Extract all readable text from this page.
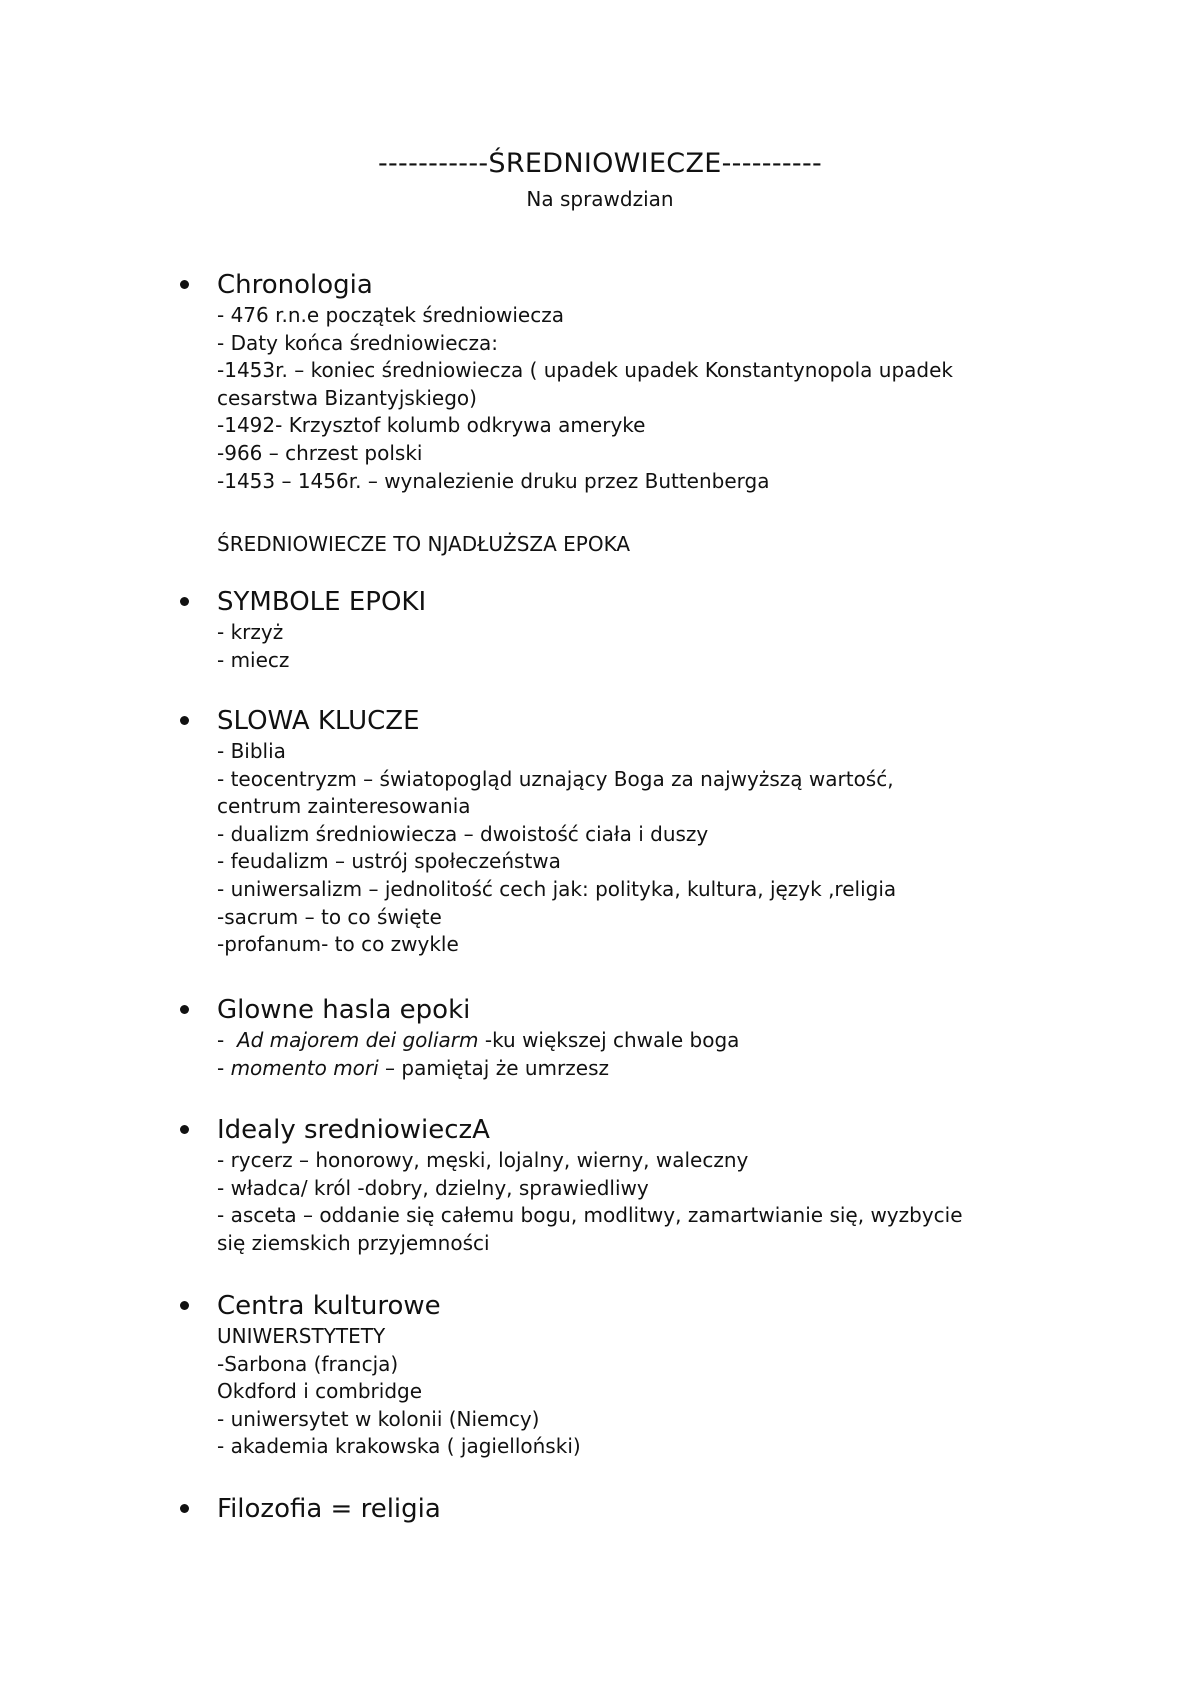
-----------ŚREDNIOWIECZE----------
Na sprawdzian
Chronologia
- 476 r.n.e początek średniowiecza
- Daty końca średniowiecza:
-1453r. – koniec średniowiecza ( upadek upadek Konstantynopola upadek
cesarstwa Bizantyjskiego)
-1492- Krzysztof kolumb odkrywa ameryke
-966 – chrzest polski
-1453 – 1456r. – wynalezienie druku przez Buttenberga
ŚREDNIOWIECZE TO NJADŁUŻSZA EPOKA
SYMBOLE EPOKI
- krzyż
- miecz
SLOWA KLUCZE
- Biblia
- teocentryzm – światopogląd uznający Boga za najwyższą wartość,
centrum zainteresowania
- dualizm średniowiecza – dwoistość ciała i duszy
- feudalizm – ustrój społeczeństwa
- uniwersalizm – jednolitość cech jak: polityka, kultura, język ,religia
-sacrum – to co święte
-profanum- to co zwykle
Glowne hasla epoki
-  Ad majorem dei goliarm -ku większej chwale boga
- momento mori – pamiętaj że umrzesz
Idealy sredniowieczA
- rycerz – honorowy, męski, lojalny, wierny, waleczny
- władca/ król -dobry, dzielny, sprawiedliwy
- asceta – oddanie się całemu bogu, modlitwy, zamartwianie się, wyzbycie
się ziemskich przyjemności
Centra kulturowe
UNIWERSTYTETY
-Sarbona (francja)
Okdford i combridge
- uniwersytet w kolonii (Niemcy)
- akademia krakowska ( jagielloński)
Filozofia = religia
